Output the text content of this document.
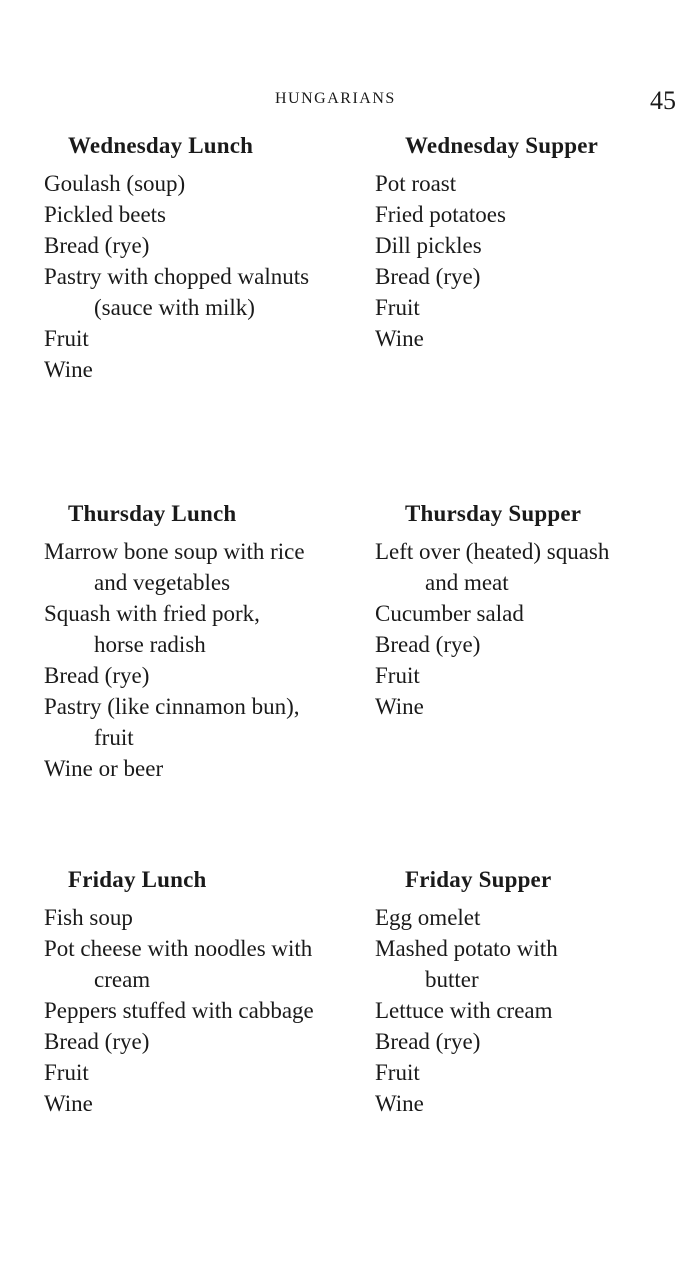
HUNGARIANS	45
Wednesday Lunch
Goulash (soup)
Pickled beets
Bread (rye)
Pastry with chopped walnuts (sauce with milk)
Fruit
Wine
Wednesday Supper
Pot roast
Fried potatoes
Dill pickles
Bread (rye)
Fruit
Wine
Thursday Lunch
Marrow bone soup with rice and vegetables
Squash with fried pork, horse radish
Bread (rye)
Pastry (like cinnamon bun), fruit
Wine or beer
Thursday Supper
Left over (heated) squash and meat
Cucumber salad
Bread (rye)
Fruit
Wine
Friday Lunch
Fish soup
Pot cheese with noodles with cream
Peppers stuffed with cabbage
Bread (rye)
Fruit
Wine
Friday Supper
Egg omelet
Mashed potato with butter
Lettuce with cream
Bread (rye)
Fruit
Wine
